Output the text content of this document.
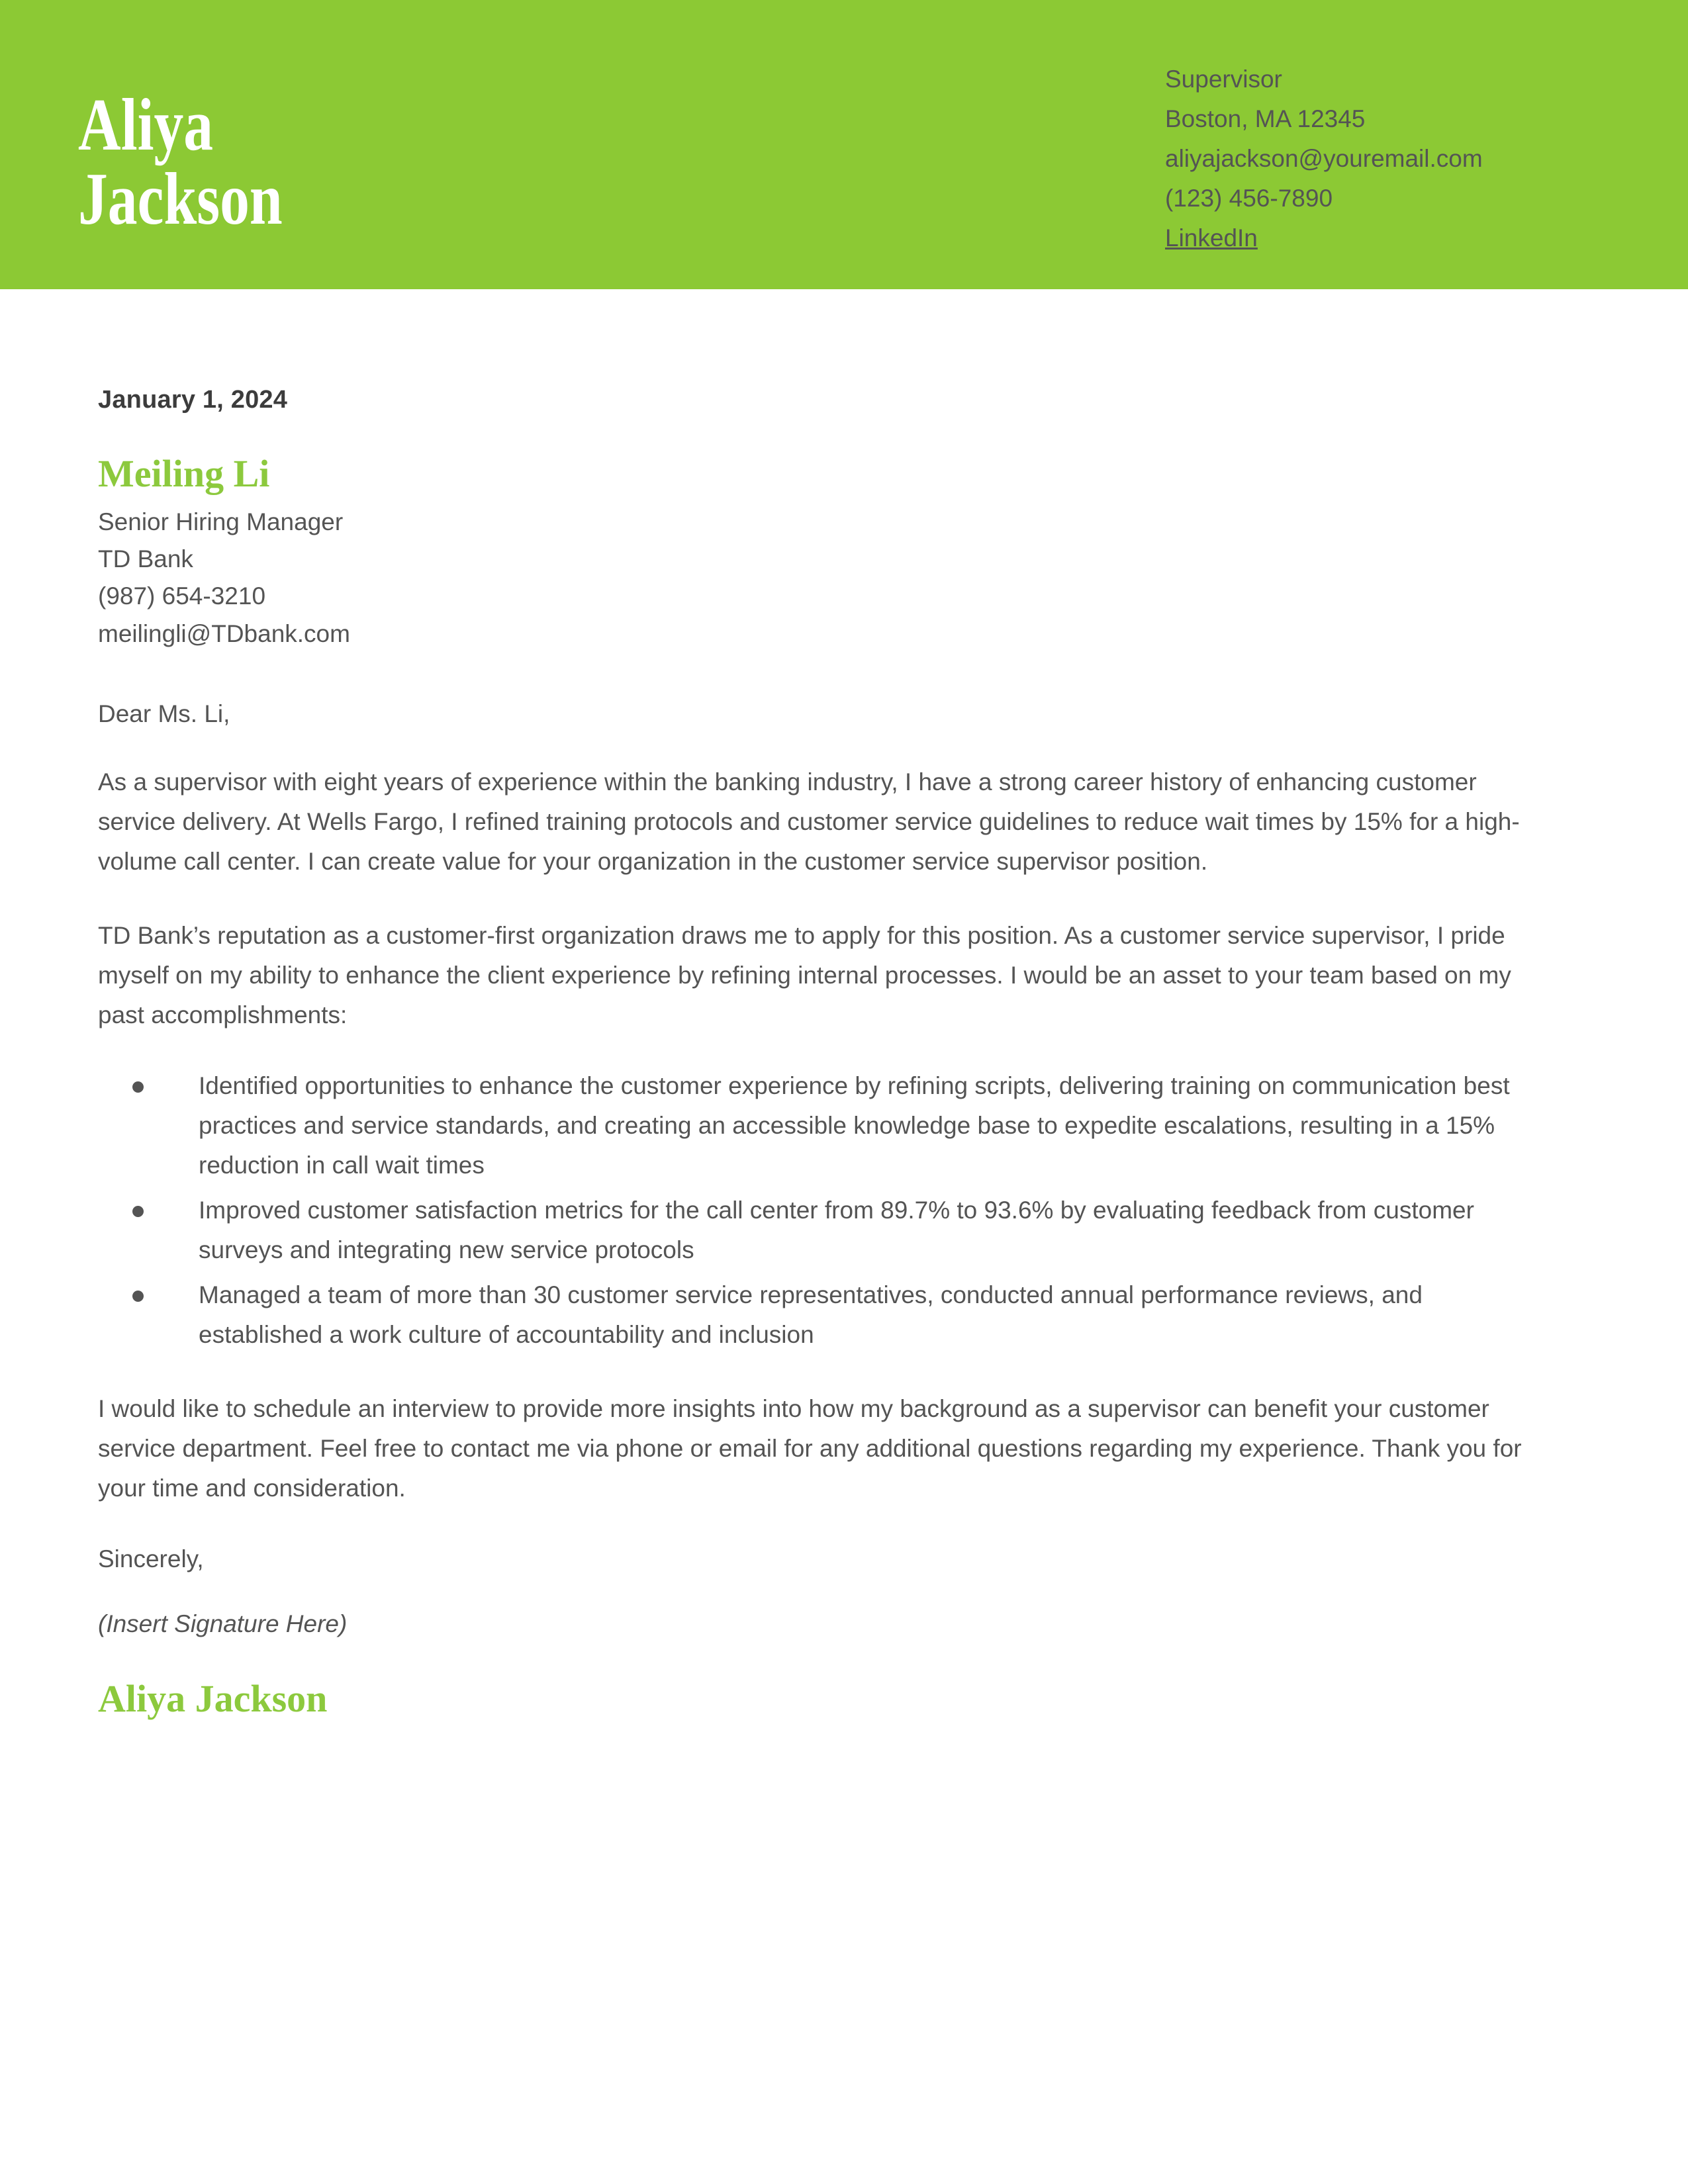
Aliya
Jackson
Supervisor
Boston, MA 12345
aliyajackson@youremail.com
(123) 456-7890
LinkedIn
January 1, 2024
Meiling Li
Senior Hiring Manager
TD Bank
(987) 654-3210
meilingli@TDbank.com
Dear Ms. Li,

As a supervisor with eight years of experience within the banking industry, I have a strong career history of enhancing customer service delivery. At Wells Fargo, I refined training protocols and customer service guidelines to reduce wait times by 15% for a high-volume call center. I can create value for your organization in the customer service supervisor position.

TD Bank’s reputation as a customer-first organization draws me to apply for this position. As a customer service supervisor, I pride myself on my ability to enhance the client experience by refining internal processes. I would be an asset to your team based on my past accomplishments:

Identified opportunities to enhance the customer experience by refining scripts, delivering training on communication best practices and service standards, and creating an accessible knowledge base to expedite escalations, resulting in a 15% reduction in call wait times
Improved customer satisfaction metrics for the call center from 89.7% to 93.6% by evaluating feedback from customer surveys and integrating new service protocols
Managed a team of more than 30 customer service representatives, conducted annual performance reviews, and established a work culture of accountability and inclusion

I would like to schedule an interview to provide more insights into how my background as a supervisor can benefit your customer service department. Feel free to contact me via phone or email for any additional questions regarding my experience. Thank you for your time and consideration.

Sincerely,
(Insert Signature Here)
Aliya Jackson
